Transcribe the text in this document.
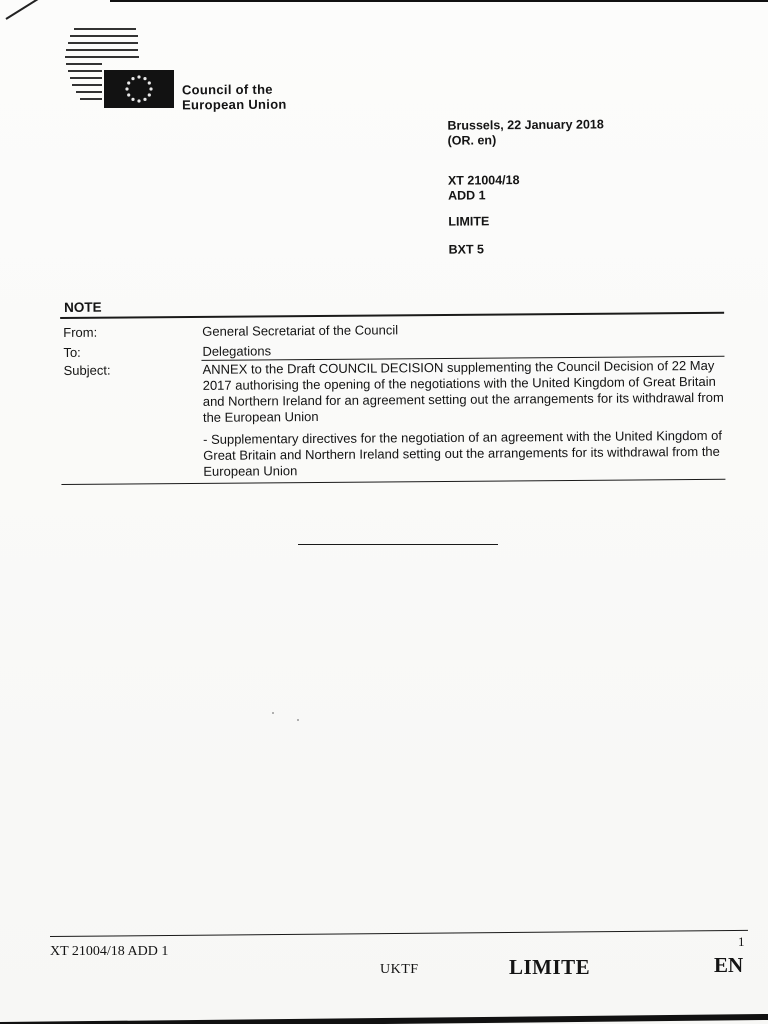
Council of the
European Union
Brussels, 22 January 2018
(OR. en)
XT 21004/18
ADD 1
LIMITE
BXT 5
NOTE
From:	General Secretariat of the Council
To:	Delegations
Subject:	ANNEX to the Draft COUNCIL DECISION supplementing the Council Decision of 22 May 2017 authorising the opening of the negotiations with the United Kingdom of Great Britain and Northern Ireland for an agreement setting out the arrangements for its withdrawal from the European Union
- Supplementary directives for the negotiation of an agreement with the United Kingdom of Great Britain and Northern Ireland setting out the arrangements for its withdrawal from the European Union
XT 21004/18 ADD 1
1
UKTF	LIMITE	EN
